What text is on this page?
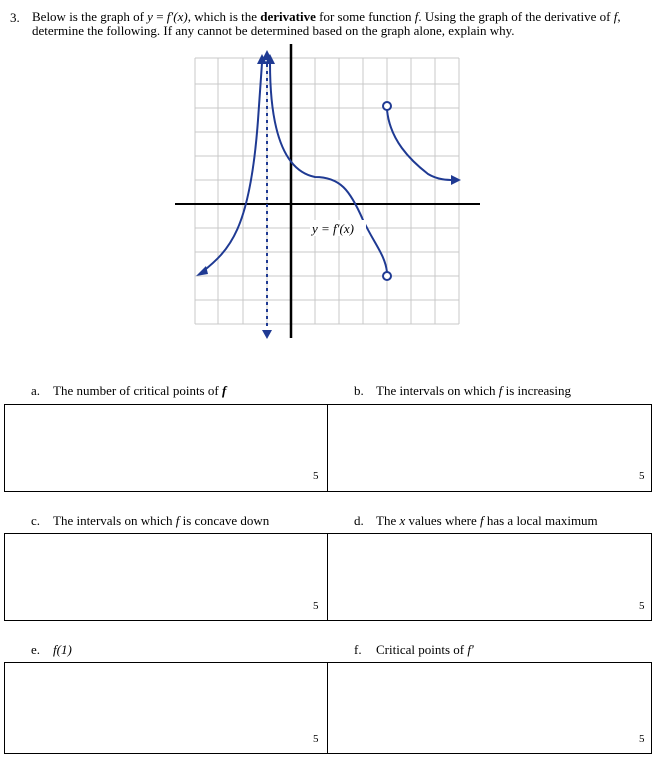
3. Below is the graph of y = f′(x), which is the derivative for some function f. Using the graph of the derivative of f,
determine the following. If any cannot be determined based on the graph alone, explain why.
y = f′(x)
a. The number of critical points of f	b. The intervals on which f is increasing
5	5
c. The intervals on which f is concave down	d. The x values where f has a local maximum
5	5
e. f(1)	f. Critical points of f′
5	5
